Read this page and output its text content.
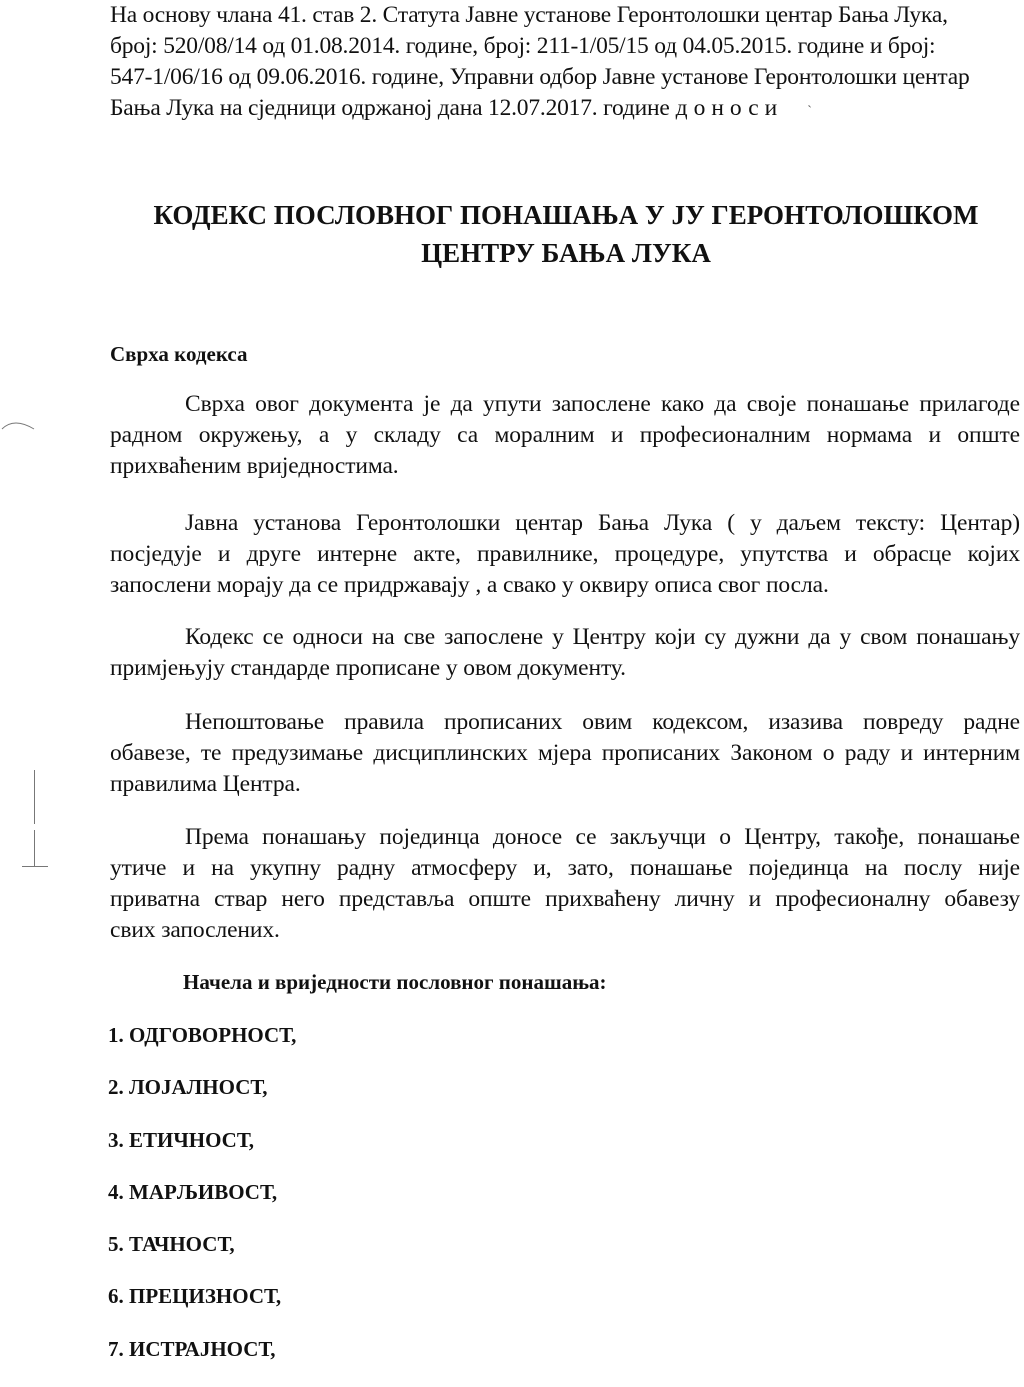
На основу члана 41. став 2. Статута Јавне установе Геронтолошки центар Бања Лука,
број: 520/08/14 од 01.08.2014. године, број: 211-1/05/15 од 04.05.2015. године и број:
547-1/06/16 од 09.06.2016. године, Управни одбор Јавне установе Геронтолошки центар
Бања Лука на сједници одржаној дана 12.07.2017. године доноси ˋ
КОДЕКС ПОСЛОВНОГ ПОНАШАЊА У ЈУ ГЕРОНТОЛОШКОМ
ЦЕНТРУ БАЊА ЛУКА
Сврха кодекса
Сврха овог документа је да упути запослене како да своје понашање прилагоде
радном окружењу, а у складу са моралним и професионалним нормама и опште
прихваћеним вриједностима.
Јавна установа Геронтолошки центар Бања Лука ( у даљем тексту: Центар)
посједује и друге интерне акте, правилнике, процедуре, упутства и обрасце којих
запослени морају да се придржавају , а свако у оквиру описа свог посла.
Кодекс се односи на све запослене у Центру који су дужни да у свом понашању
примјењују стандарде прописане у овом документу.
Непоштовање правила прописаних овим кодексом, изазива повреду радне
обавезе, те предузимање дисциплинских мјера прописаних Законом о раду и интерним
правилима Центра.
Према понашању појединца доносе се закључци о Центру, такође, понашање
утиче и на укупну радну атмосферу и, зато, понашање појединца на послу није
приватна ствар него представља опште прихваћену личну и професионалну обавезу
свих запослених.
Начела и вриједности пословног понашања:
1. ОДГОВОРНОСТ,
2. ЛОЈАЛНОСТ,
3. ЕТИЧНОСТ,
4. МАРЉИВОСТ,
5. ТАЧНОСТ,
6. ПРЕЦИЗНОСТ,
7. ИСТРАЈНОСТ,
